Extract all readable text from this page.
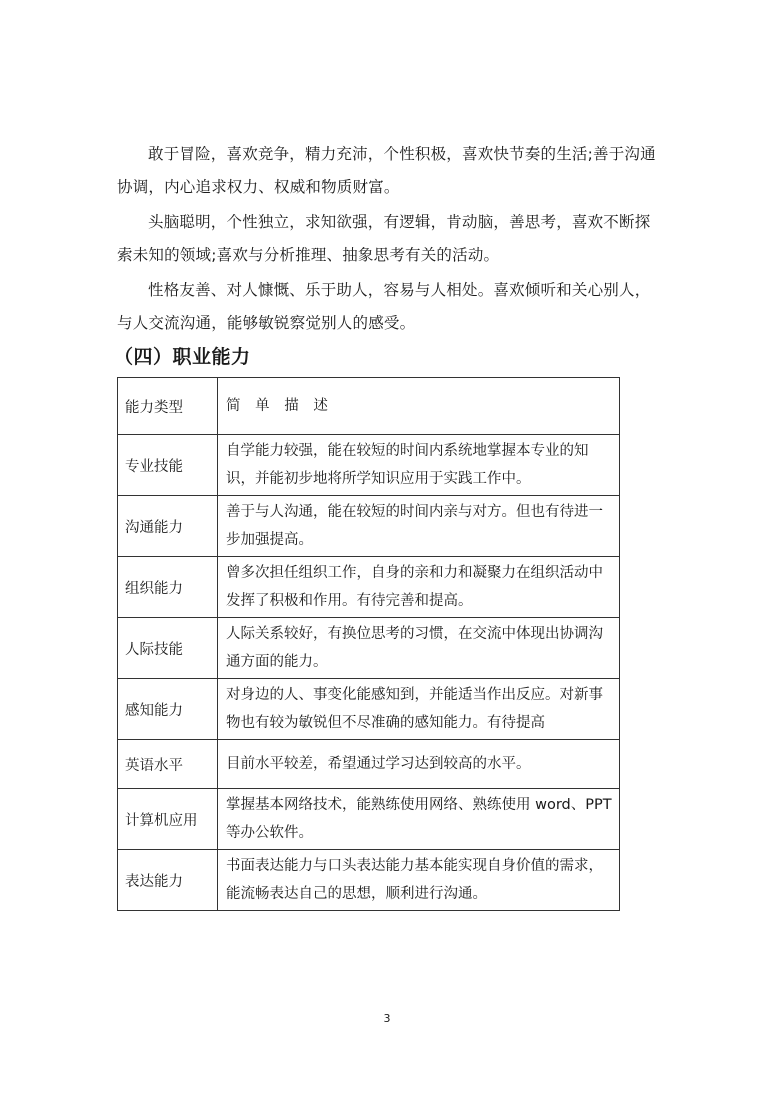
敢于冒险，喜欢竞争，精力充沛，个性积极，喜欢快节奏的生活;善于沟通协调，内心追求权力、权威和物质财富。

头脑聪明，个性独立，求知欲强，有逻辑，肯动脑，善思考，喜欢不断探索未知的领域;喜欢与分析推理、抽象思考有关的活动。

性格友善、对人慷慨、乐于助人，容易与人相处。喜欢倾听和关心别人，与人交流沟通，能够敏锐察觉别人的感受。

（四）职业能力
能力类型	简 单 描 述
专业技能	自学能力较强，能在较短的时间内系统地掌握本专业的知识，并能初步地将所学知识应用于实践工作中。
沟通能力	善于与人沟通，能在较短的时间内亲与对方。但也有待进一步加强提高。
组织能力	曾多次担任组织工作，自身的亲和力和凝聚力在组织活动中发挥了积极和作用。有待完善和提高。
人际技能	人际关系较好，有换位思考的习惯，在交流中体现出协调沟通方面的能力。
感知能力	对身边的人、事变化能感知到，并能适当作出反应。对新事物也有较为敏锐但不尽准确的感知能力。有待提高
英语水平	目前水平较差，希望通过学习达到较高的水平。
计算机应用	掌握基本网络技术，能熟练使用网络、熟练使用 word、PPT 等办公软件。
表达能力	书面表达能力与口头表达能力基本能实现自身价值的需求，能流畅表达自己的思想，顺利进行沟通。
3
